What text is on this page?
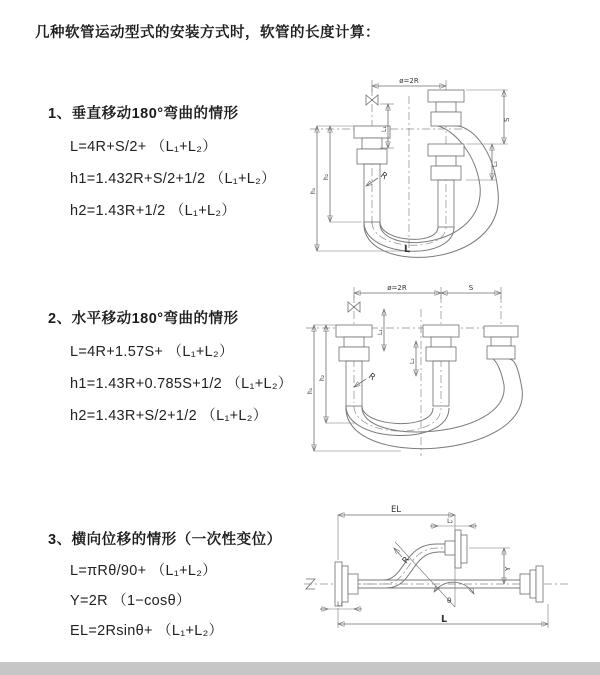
几种软管运动型式的安装方式时，软管的长度计算：
1、垂直移动180°弯曲的情形
L=4R+S/2+ （L₁+L₂）
h1=1.432R+S/2+1/2 （L₁+L₂）
h2=1.43R+1/2 （L₁+L₂）
2、水平移动180°弯曲的情形
L=4R+1.57S+ （L₁+L₂）
h1=1.43R+0.785S+1/2 （L₁+L₂）
h2=1.43R+S/2+1/2 （L₁+L₂）
3、横向位移的情形（一次性变位）
L=πRθ/90+ （L₁+L₂）
Y=2R （1−cosθ）
EL=2Rsinθ+ （L₁+L₂）
ø=2R
S
L₂
L₁
h₁
h₂	R
L
ø=2R	S
L₁
L₂
h₁
h₂	R
EL
L₂
Y
L
L₁
R
θ
